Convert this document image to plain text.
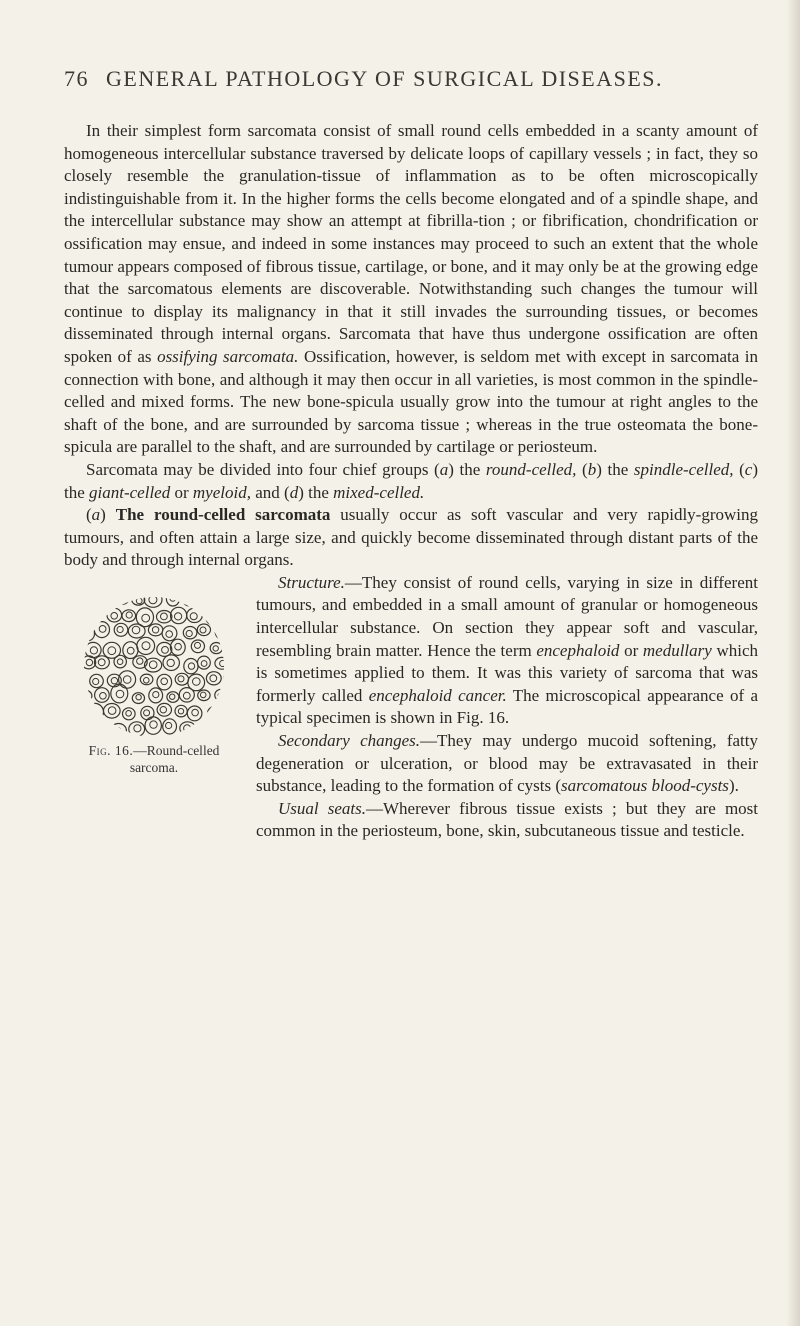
76 GENERAL PATHOLOGY OF SURGICAL DISEASES.

In their simplest form sarcomata consist of small round cells embedded in a scanty amount of homogeneous intercellular substance traversed by delicate loops of capillary vessels ; in fact, they so closely resemble the granulation-tissue of inflammation as to be often microscopically indistinguishable from it. In the higher forms the cells become elongated and of a spindle shape, and the intercellular substance may show an attempt at fibrilla-tion ; or fibrification, chondrification or ossification may ensue, and indeed in some instances may proceed to such an extent that the whole tumour appears composed of fibrous tissue, cartilage, or bone, and it may only be at the growing edge that the sarcomatous elements are discoverable. Notwithstanding such changes the tumour will continue to display its malignancy in that it still invades the surrounding tissues, or becomes disseminated through internal organs. Sarcomata that have thus undergone ossification are often spoken of as ossifying sarcomata. Ossification, however, is seldom met with except in sarcomata in connection with bone, and although it may then occur in all varieties, is most common in the spindle-celled and mixed forms. The new bone-spicula usually grow into the tumour at right angles to the shaft of the bone, and are surrounded by sarcoma tissue ; whereas in the true osteomata the bone-spicula are parallel to the shaft, and are surrounded by cartilage or periosteum.

Sarcomata may be divided into four chief groups (a) the round-celled, (b) the spindle-celled, (c) the giant-celled or myeloid, and (d) the mixed-celled.

(a) The round-celled sarcomata usually occur as soft vascular and very rapidly-growing tumours, and often attain a large size, and quickly become disseminated through distant parts of the body and through internal organs.

Fig. 16.—Round-celled sarcoma.

Structure.—They consist of round cells, varying in size in different tumours, and embedded in a small amount of granular or homogeneous intercellular substance. On section they appear soft and vascular, resembling brain matter. Hence the term encephaloid or medullary which is sometimes applied to them. It was this variety of sarcoma that was formerly called encephaloid cancer. The microscopical appearance of a typical specimen is shown in Fig. 16.

Secondary changes.—They may undergo mucoid softening, fatty degeneration or ulceration, or blood may be extravasated in their substance, leading to the formation of cysts (sarcomatous blood-cysts).

Usual seats.—Wherever fibrous tissue exists ; but they are most common in the periosteum, bone, skin, subcutaneous tissue and testicle.
